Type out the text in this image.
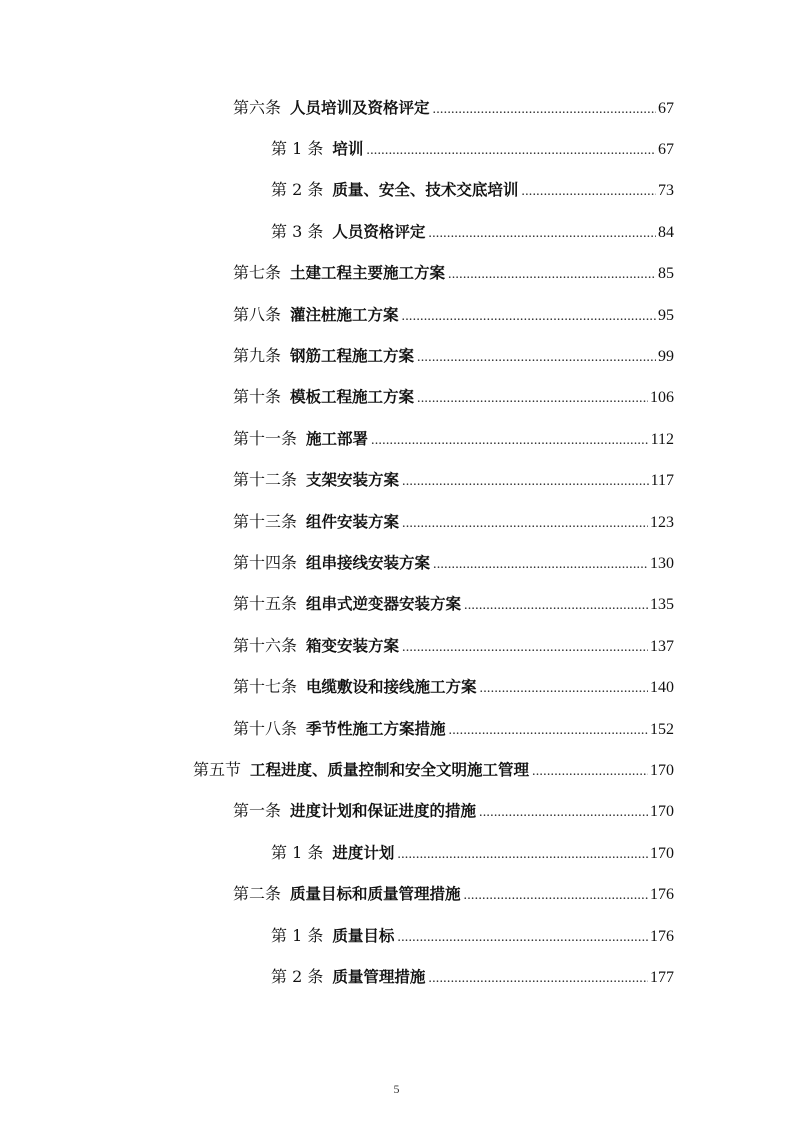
第六条 人员培训及资格评定 .....	67
第 1 条 培训 .....	67
第 2 条 质量、安全、技术交底培训 .....	73
第 3 条 人员资格评定 .....	84
第七条 土建工程主要施工方案 .....	85
第八条 灌注桩施工方案 .....	95
第九条 钢筋工程施工方案 .....	99
第十条 模板工程施工方案 .....	106
第十一条 施工部署 .....	112
第十二条 支架安装方案 .....	117
第十三条 组件安装方案 .....	123
第十四条 组串接线安装方案 .....	130
第十五条 组串式逆变器安装方案 .....	135
第十六条 箱变安装方案 .....	137
第十七条 电缆敷设和接线施工方案 .....	140
第十八条 季节性施工方案措施 .....	152
第五节 工程进度、质量控制和安全文明施工管理 .....	170
第一条 进度计划和保证进度的措施 .....	170
第 1 条 进度计划 .....	170
第二条 质量目标和质量管理措施 .....	176
第 1 条 质量目标 .....	176
第 2 条 质量管理措施 .....	177
5
